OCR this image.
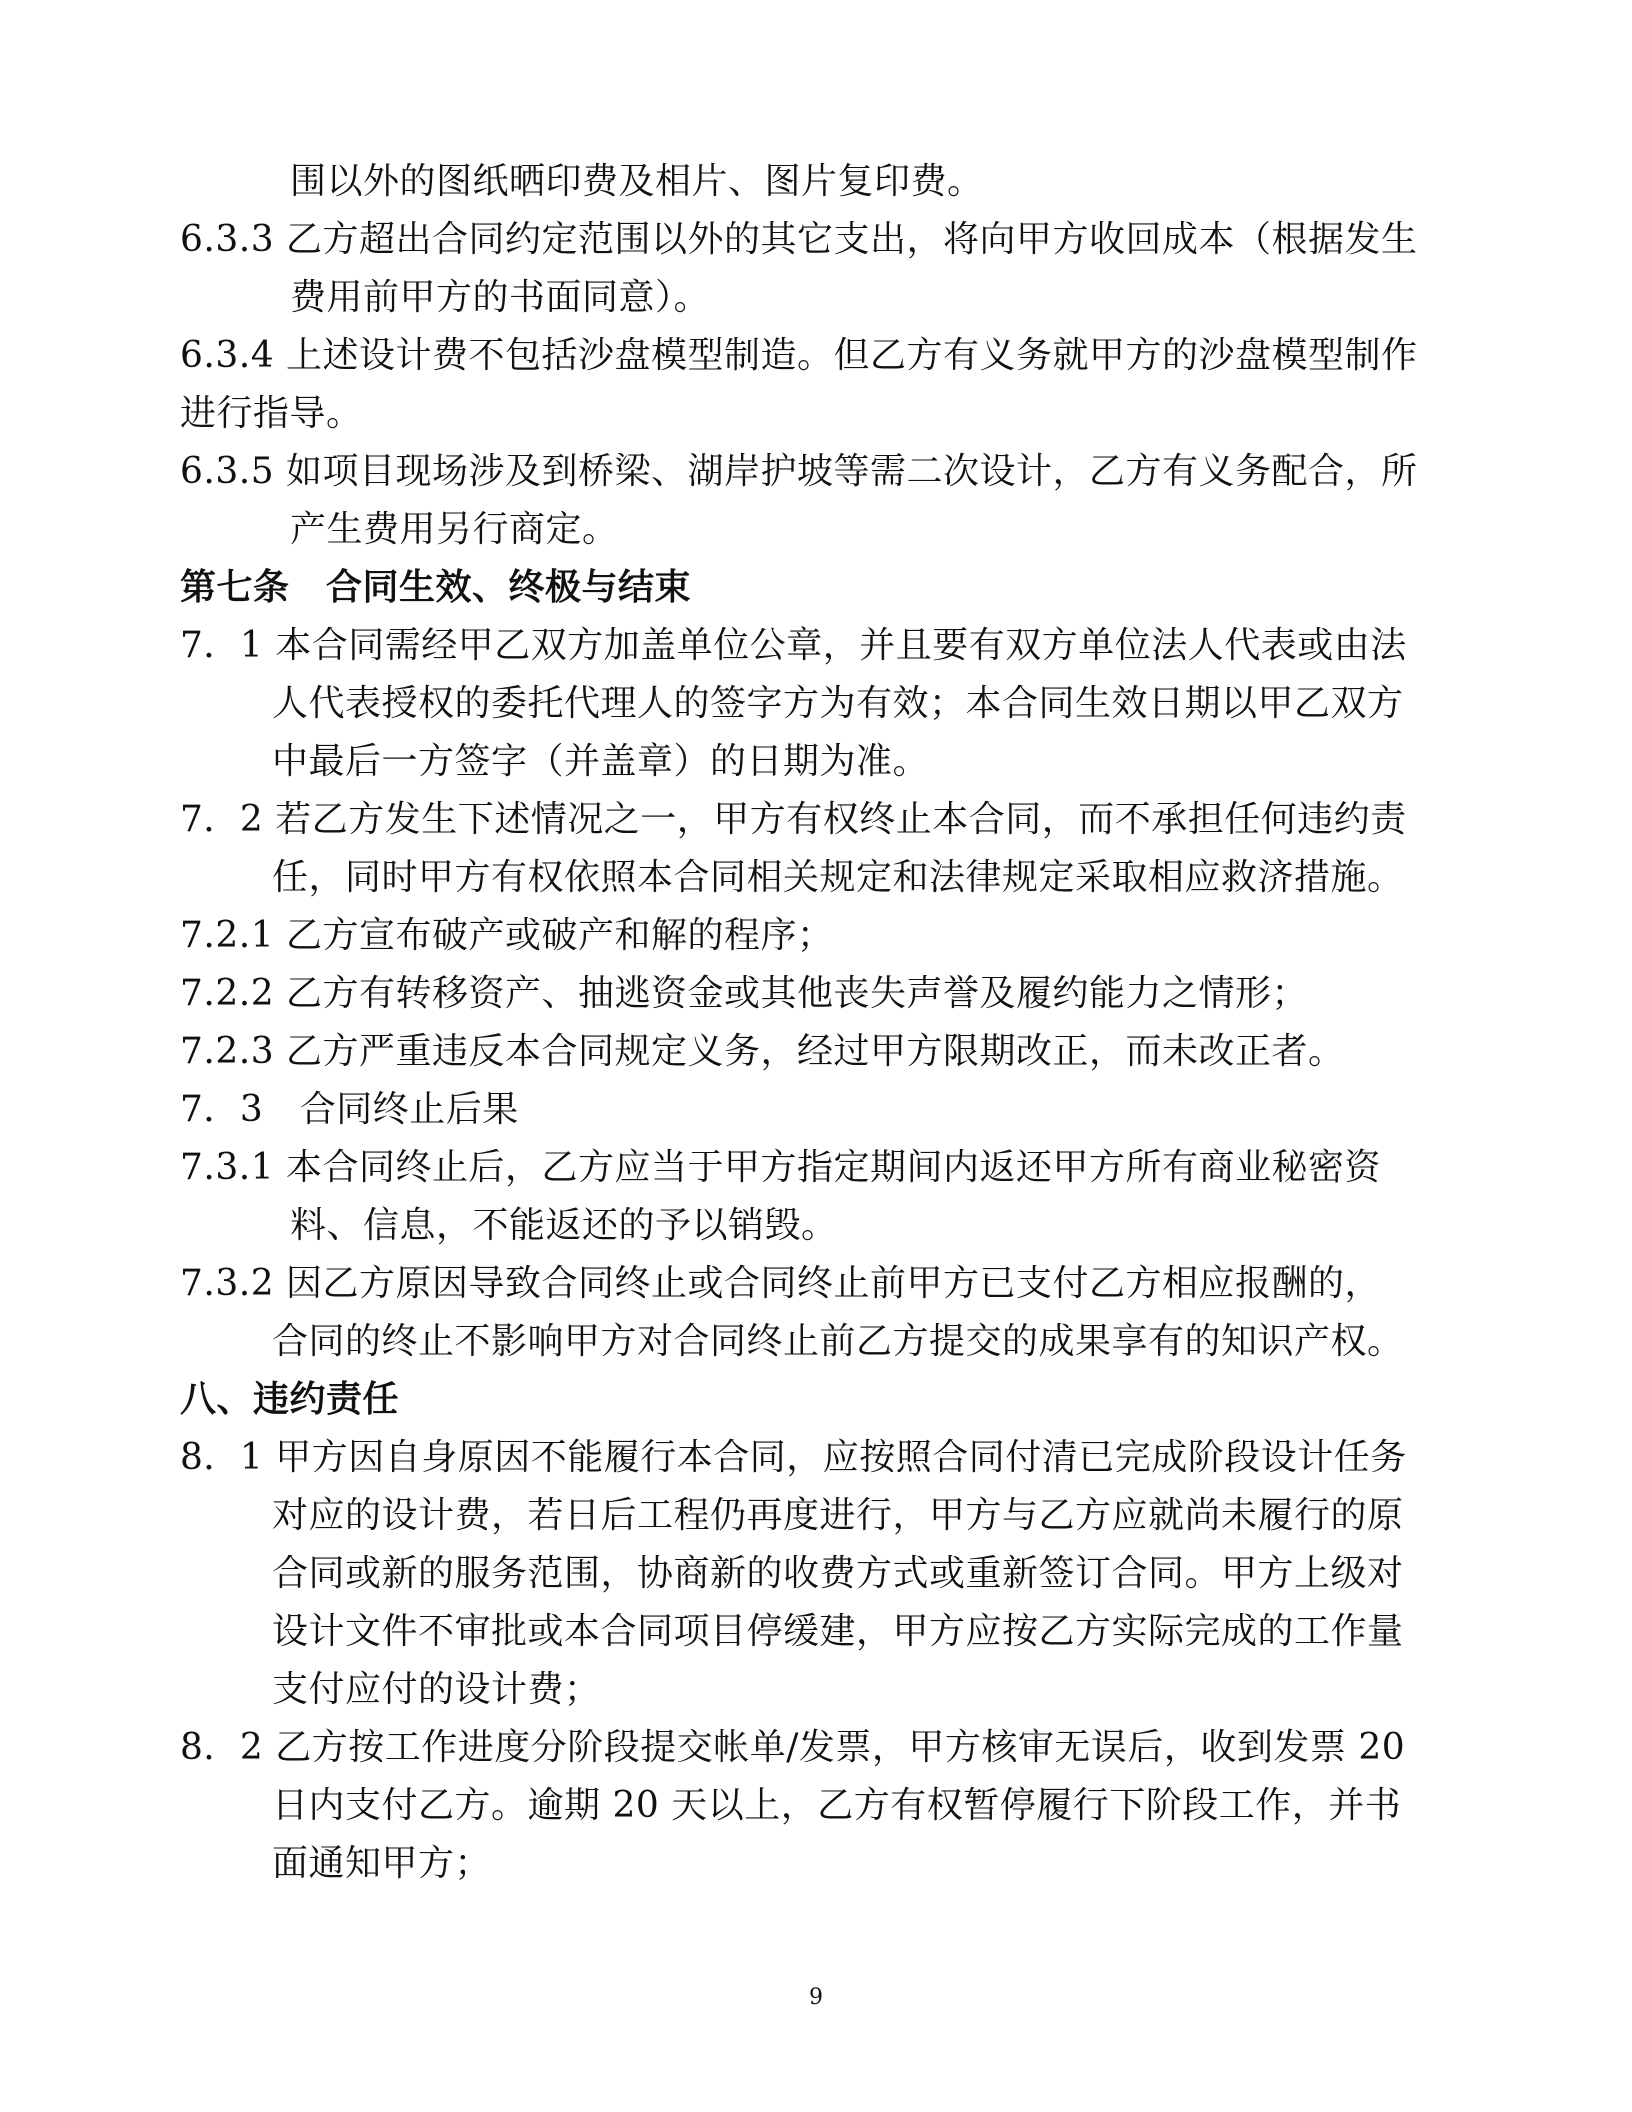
围以外的图纸晒印费及相片、图片复印费。
6.3.3 乙方超出合同约定范围以外的其它支出，将向甲方收回成本（根据发生
费用前甲方的书面同意）。
6.3.4 上述设计费不包括沙盘模型制造。但乙方有义务就甲方的沙盘模型制作
进行指导。
6.3.5 如项目现场涉及到桥梁、湖岸护坡等需二次设计，乙方有义务配合，所
产生费用另行商定。
第七条　合同生效、终极与结束
7．1 本合同需经甲乙双方加盖单位公章，并且要有双方单位法人代表或由法
人代表授权的委托代理人的签字方为有效；本合同生效日期以甲乙双方
中最后一方签字（并盖章）的日期为准。
7．2 若乙方发生下述情况之一，甲方有权终止本合同，而不承担任何违约责
任，同时甲方有权依照本合同相关规定和法律规定采取相应救济措施。
7.2.1 乙方宣布破产或破产和解的程序；
7.2.2 乙方有转移资产、抽逃资金或其他丧失声誉及履约能力之情形；
7.2.3 乙方严重违反本合同规定义务，经过甲方限期改正，而未改正者。
7．3　合同终止后果
7.3.1 本合同终止后，乙方应当于甲方指定期间内返还甲方所有商业秘密资
料、信息，不能返还的予以销毁。
7.3.2 因乙方原因导致合同终止或合同终止前甲方已支付乙方相应报酬的，
合同的终止不影响甲方对合同终止前乙方提交的成果享有的知识产权。
八、违约责任
8．1 甲方因自身原因不能履行本合同，应按照合同付清已完成阶段设计任务
对应的设计费，若日后工程仍再度进行，甲方与乙方应就尚未履行的原
合同或新的服务范围，协商新的收费方式或重新签订合同。甲方上级对
设计文件不审批或本合同项目停缓建，甲方应按乙方实际完成的工作量
支付应付的设计费；
8．2 乙方按工作进度分阶段提交帐单/发票，甲方核审无误后，收到发票 20
日内支付乙方。逾期 20 天以上，乙方有权暂停履行下阶段工作，并书
面通知甲方；
9
